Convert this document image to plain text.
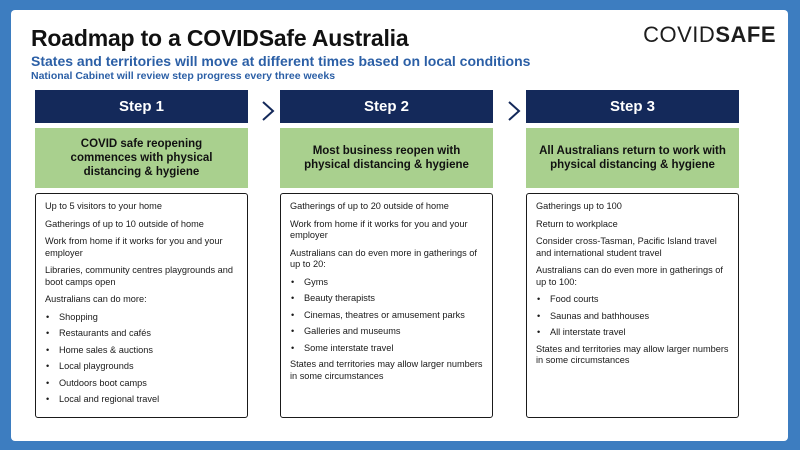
Roadmap to a COVIDSafe Australia
States and territories will move at different times based on local conditions
National Cabinet will review step progress every three weeks
COVIDSAFE
Step 1
COVID safe reopening commences with physical distancing & hygiene

Up to 5 visitors to your home

Gatherings of up to 10 outside of home

Work from home if it works for you and your employer

Libraries, community centres playgrounds and boot camps open

Australians can do more:

• Shopping
• Restaurants and cafés
• Home sales & auctions
• Local playgrounds
• Outdoors boot camps
• Local and regional travel
Step 2
Most business reopen with physical distancing & hygiene

Gatherings of up to 20 outside of home

Work from home if it works for you and your employer

Australians can do even more in gatherings of up to 20:

• Gyms
• Beauty therapists
• Cinemas, theatres or amusement parks
• Galleries and museums
• Some interstate travel

States and territories may allow larger numbers in some circumstances

Step 3
All Australians return to work with physical distancing & hygiene

Gatherings up to 100

Return to workplace

Consider cross-Tasman, Pacific Island travel and international student travel

Australians can do even more in gatherings of up to 100:

• Food courts
• Saunas and bathhouses
• All interstate travel

States and territories may allow larger numbers in some circumstances
